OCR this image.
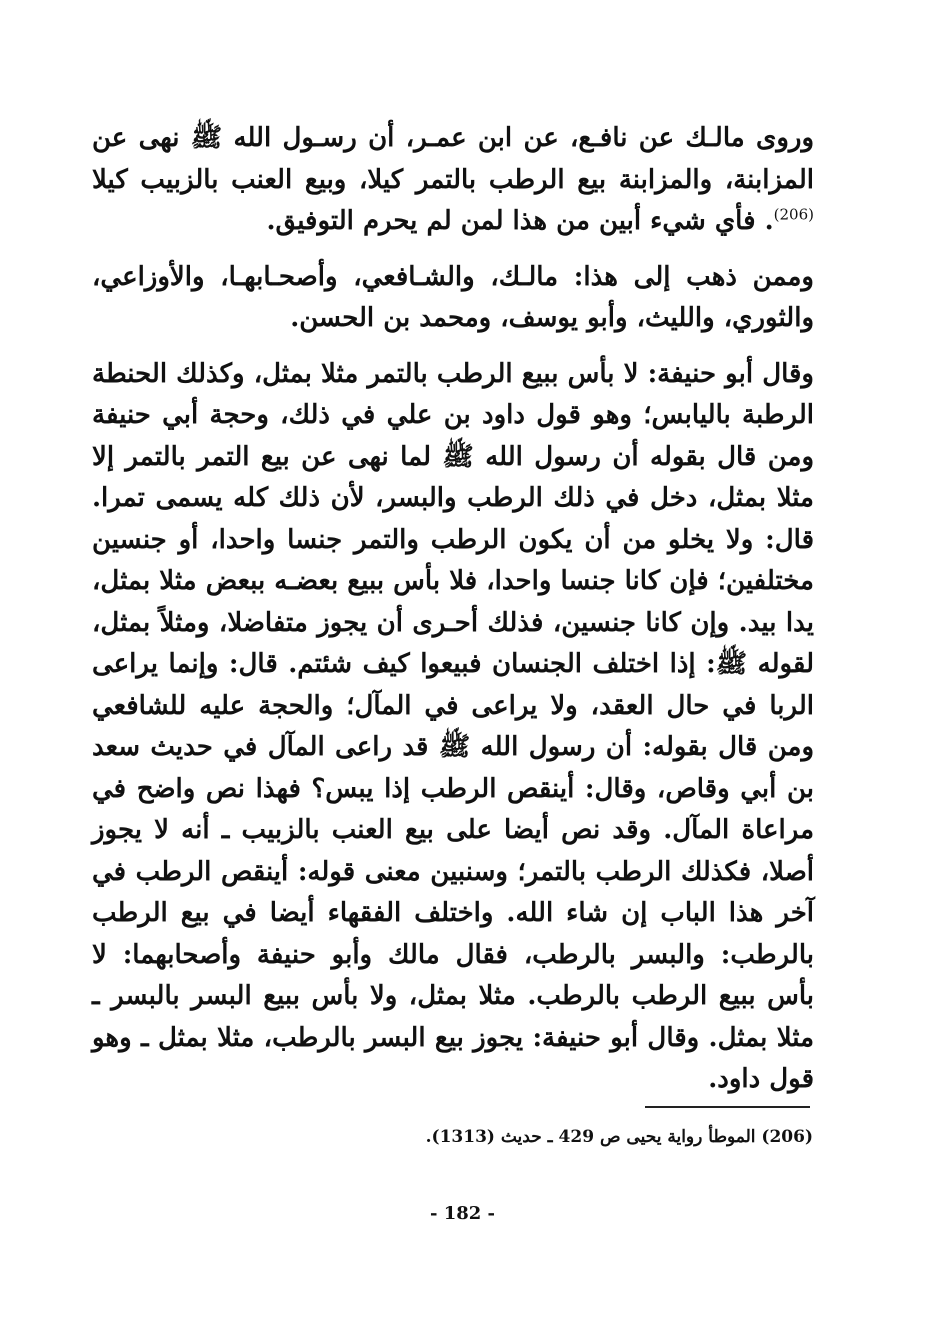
وروى مالـك عن نافـع، عن ابن عمـر، أن رسـول الله ﷺ نهى عن المزابنة، والمزابنة بيع الرطب بالتمر كيلا، وبيع العنب بالزبيب كيلا $^{(206)}$. فأي شيء أبين من هذا لمن لم يحرم التوفيق.

وممن ذهب إلى هذا: مالـك، والشـافعي، وأصحـابهـا، والأوزاعي، والثوري، والليث، وأبو يوسف، ومحمد بن الحسن.

وقال أبو حنيفة: لا بأس ببيع الرطب بالتمر مثلا بمثل، وكذلك الحنطة الرطبة باليابس؛ وهو قول داود بن علي في ذلك، وحجة أبي حنيفة ومن قال بقوله أن رسول الله ﷺ لما نهى عن بيع التمر بالتمر إلا مثلا بمثل، دخل في ذلك الرطب والبسر، لأن ذلك كله يسمى تمرا. قال: ولا يخلو من أن يكون الرطب والتمر جنسا واحدا، أو جنسين مختلفين؛ فإن كانا جنسا واحدا، فلا بأس ببيع بعضـه ببعض مثلا بمثل، يدا بيد. وإن كانا جنسين، فذلك أحـرى أن يجوز متفاضلا، ومثلاً بمثل، لقوله ﷺ: إذا اختلف الجنسان فبيعوا كيف شئتم. قال: وإنما يراعى الربا في حال العقد، ولا يراعى في المآل؛ والحجة عليه للشافعي ومن قال بقوله: أن رسول الله ﷺ قد راعى المآل في حديث سعد بن أبي وقاص، وقال: أينقص الرطب إذا يبس؟ فهذا نص واضح في مراعاة المآل. وقد نص أيضا على بيع العنب بالزبيب ـ أنه لا يجوز أصلا، فكذلك الرطب بالتمر؛ وسنبين معنى قوله: أينقص الرطب في آخر هذا الباب إن شاء الله. واختلف الفقهاء أيضا في بيع الرطب بالرطب: والبسر بالرطب، فقال مالك وأبو حنيفة وأصحابهما: لا بأس ببيع الرطب بالرطب. مثلا بمثل، ولا بأس ببيع البسر بالبسر ـ مثلا بمثل. وقال أبو حنيفة: يجوز بيع البسر بالرطب، مثلا بمثل ـ وهو قول داود.

(206) الموطأ رواية يحيى ص 429 ـ حديث (1313).
- 182 -
